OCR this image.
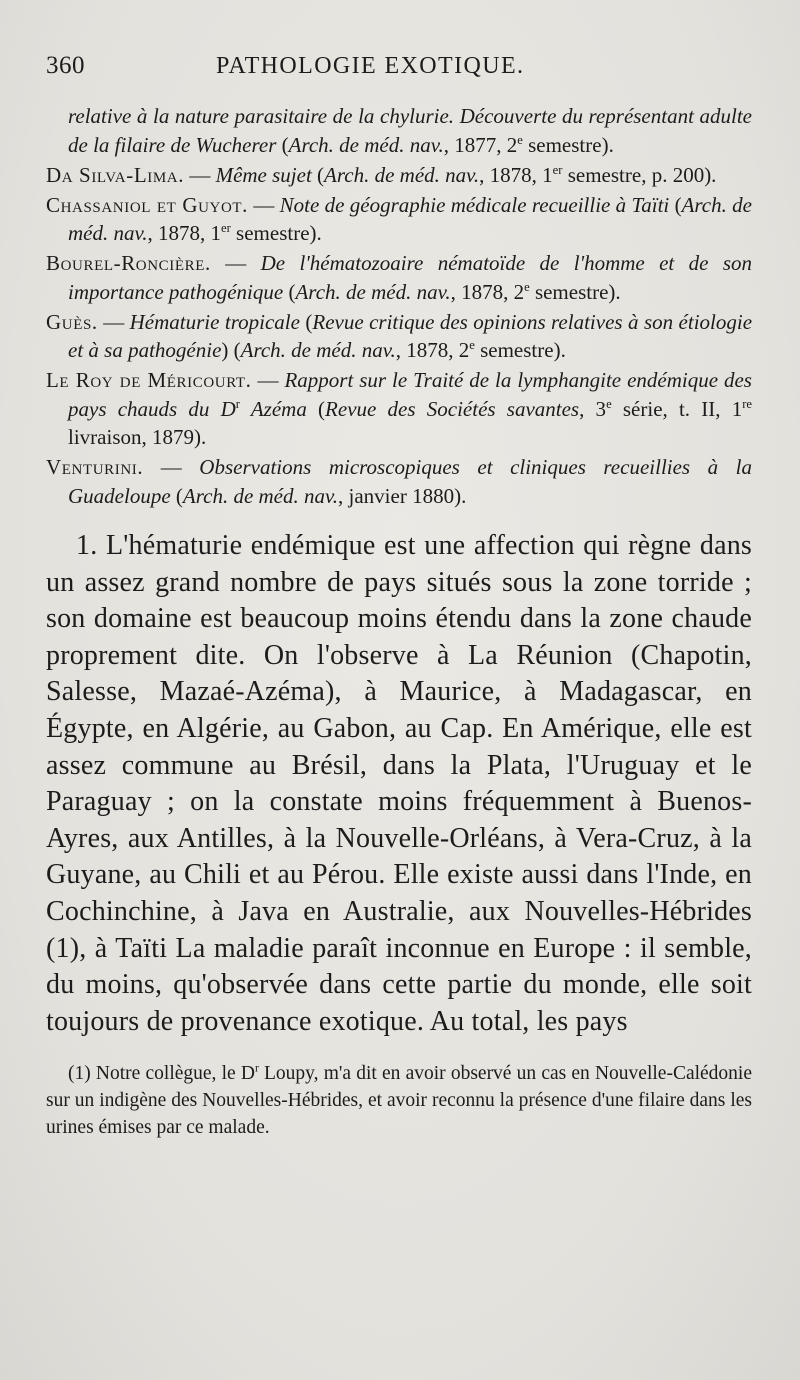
360	PATHOLOGIE EXOTIQUE.

relative à la nature parasitaire de la chylurie. Découverte du représentant adulte de la filaire de Wucherer (Arch. de méd. nav., 1877, 2e semestre).

Da Silva-Lima. — Même sujet (Arch. de méd. nav., 1878, 1er semestre, p. 200).

Chassaniol et Guyot. — Note de géographie médicale recueillie à Taïti (Arch. de méd. nav., 1878, 1er semestre).

Bourel-Roncière. — De l'hématozoaire nématoïde de l'homme et de son importance pathogénique (Arch. de méd. nav., 1878, 2e semestre).

Guès. — Hématurie tropicale (Revue critique des opinions relatives à son étiologie et à sa pathogénie) (Arch. de méd. nav., 1878, 2e semestre).

Le Roy de Méricourt. — Rapport sur le Traité de la lymphangite endémique des pays chauds du $D^r$ Azéma (Revue des Sociétés savantes, 3e série, t. II, 1re livraison, 1879).

Venturini. — Observations microscopiques et cliniques recueillies à la Guadeloupe (Arch. de méd. nav., janvier 1880).

1. L'hématurie endémique est une affection qui règne dans un assez grand nombre de pays situés sous la zone torride ; son domaine est beaucoup moins étendu dans la zone chaude proprement dite. On l'observe à La Réunion (Chapotin, Salesse, Mazaé-Azéma), à Maurice, à Madagascar, en Égypte, en Algérie, au Gabon, au Cap. En Amérique, elle est assez commune au Brésil, dans la Plata, l'Uruguay et le Paraguay ; on la constate moins fréquemment à Buenos-Ayres, aux Antilles, à la Nouvelle-Orléans, à Vera-Cruz, à la Guyane, au Chili et au Pérou. Elle existe aussi dans l'Inde, en Cochinchine, à Java en Australie, aux Nouvelles-Hébrides (1), à Taïti La maladie paraît inconnue en Europe : il semble, du moins, qu'observée dans cette partie du monde, elle soit toujours de provenance exotique. Au total, les pays

(1) Notre collègue, le $D^r$ Loupy, m'a dit en avoir observé un cas en Nouvelle-Calédonie sur un indigène des Nouvelles-Hébrides, et avoir reconnu la présence d'une filaire dans les urines émises par ce malade.
